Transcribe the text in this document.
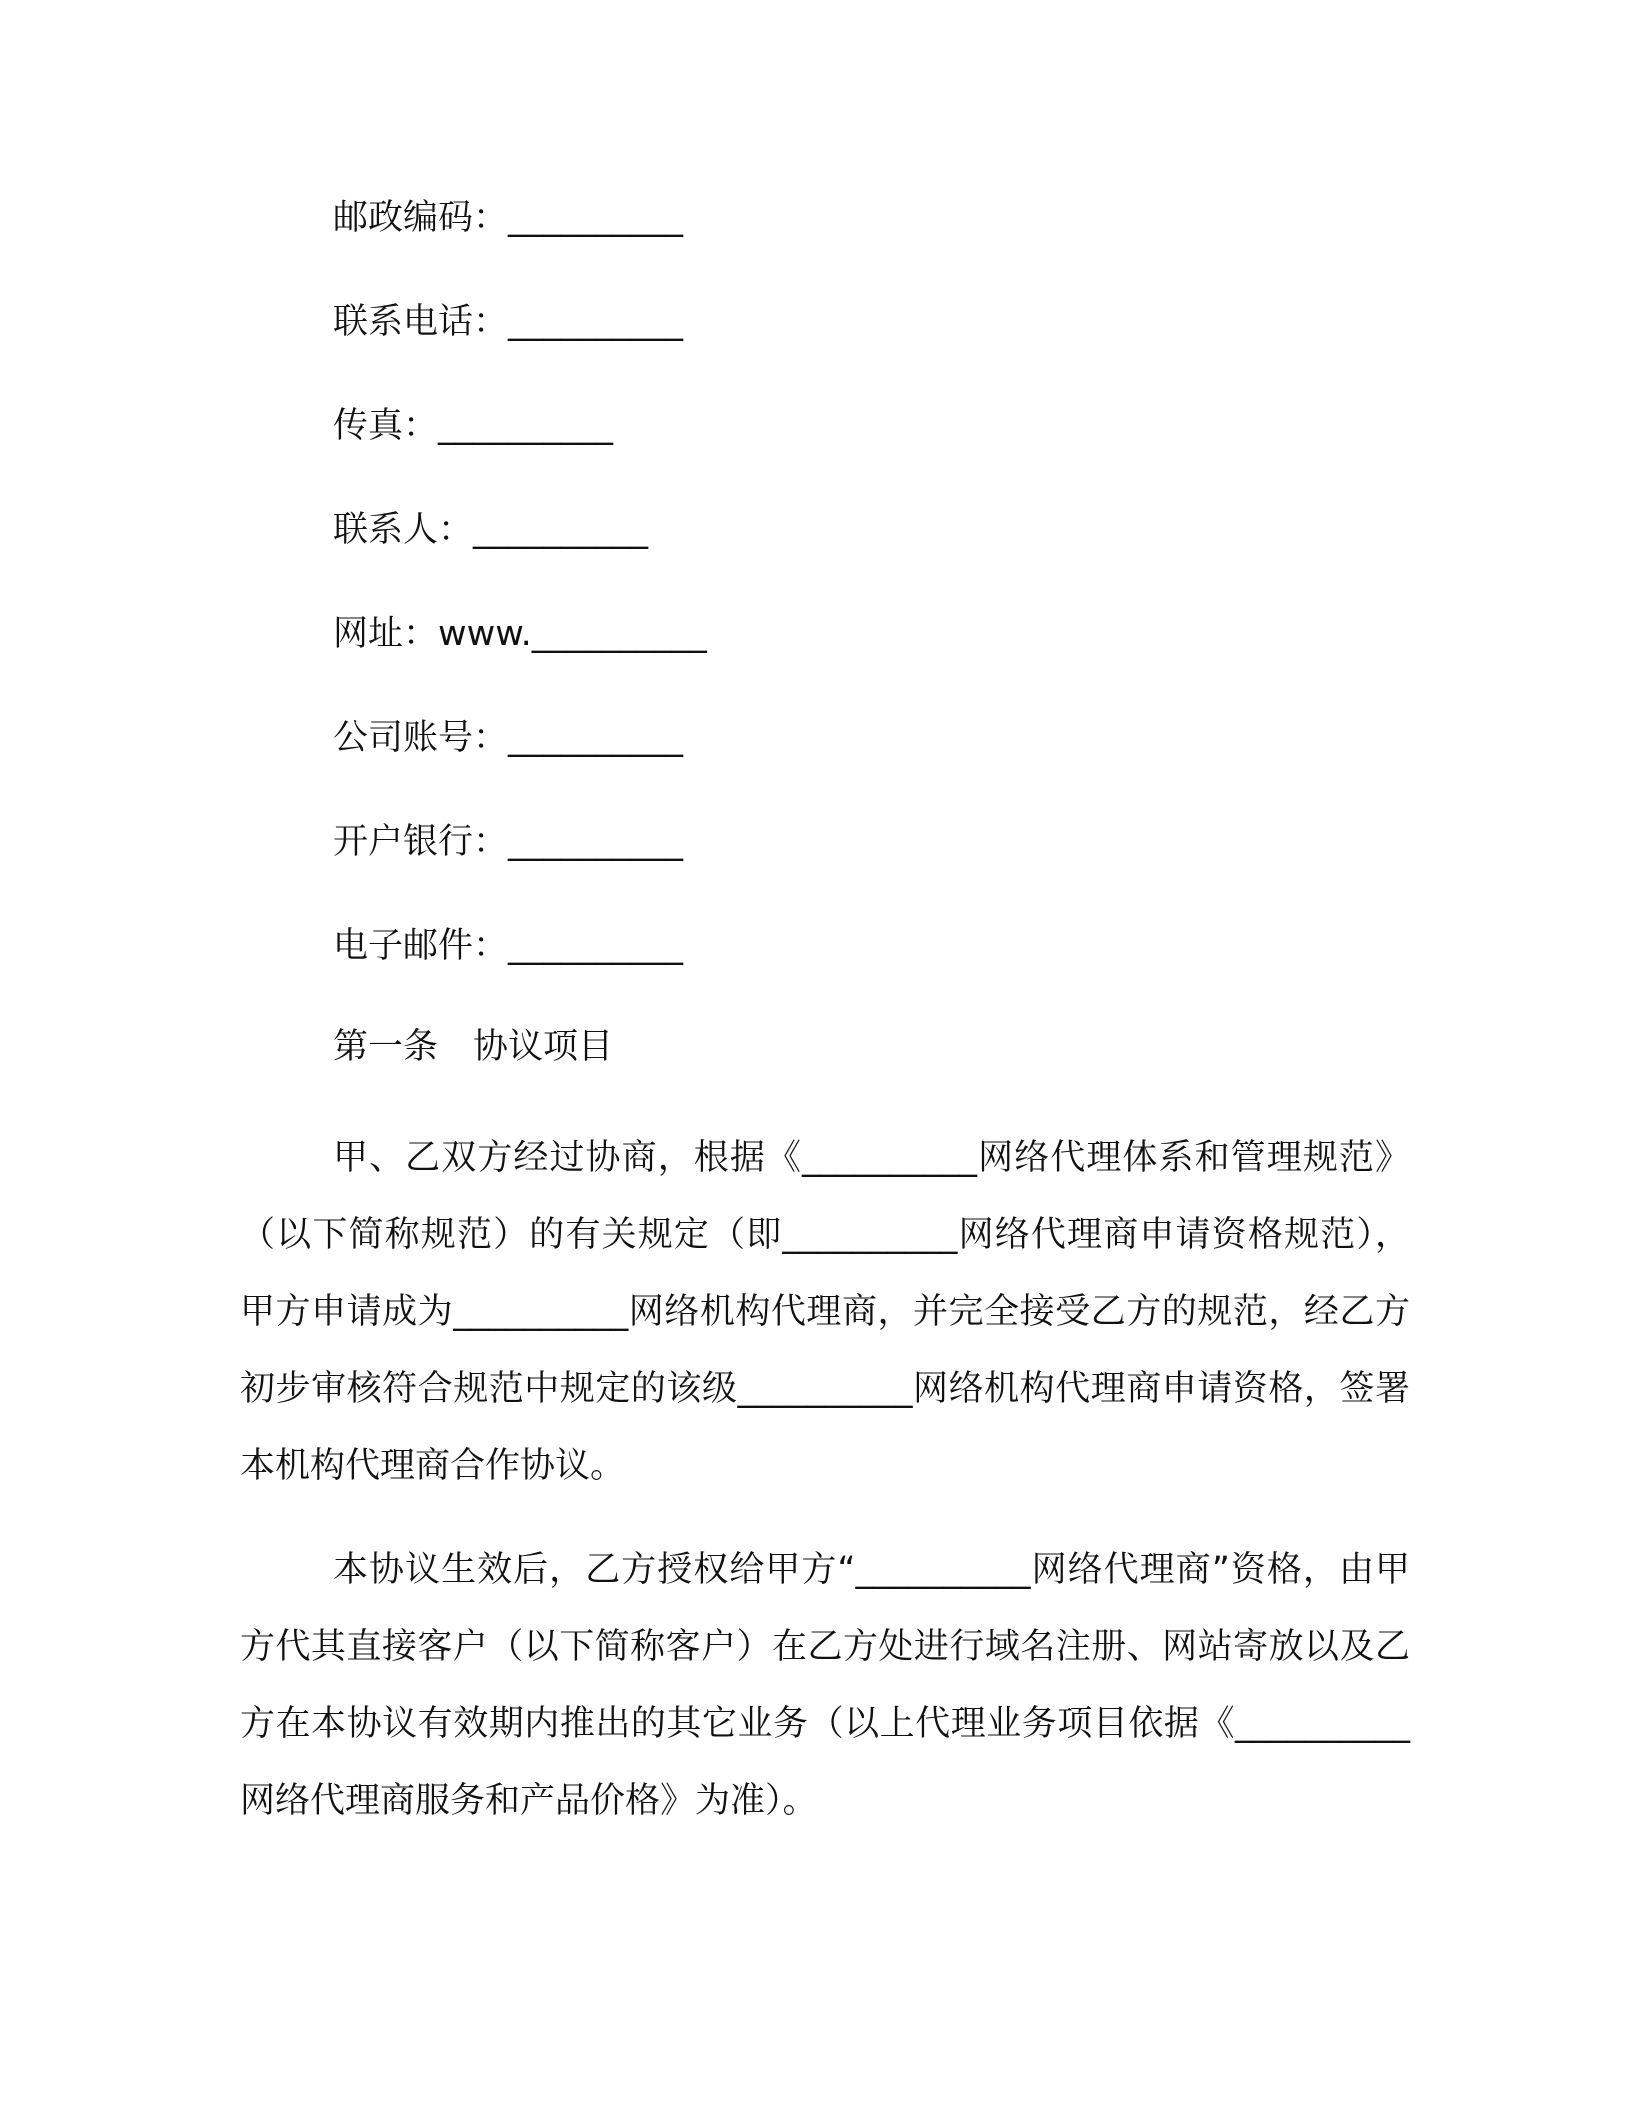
邮政编码：__________
联系电话：__________
传真：__________
联系人：__________
网址：www.__________
公司账号：__________
开户银行：__________
电子邮件：__________
第一条　协议项目

甲、乙双方经过协商，根据《__________网络代理体系和管理规范》（以下简称规范）的有关规定（即__________网络代理商申请资格规范），甲方申请成为__________网络机构代理商，并完全接受乙方的规范，经乙方初步审核符合规范中规定的该级__________网络机构代理商申请资格，签署本机构代理商合作协议。

本协议生效后，乙方授权给甲方“__________网络代理商”资格，由甲方代其直接客户（以下简称客户）在乙方处进行域名注册、网站寄放以及乙方在本协议有效期内推出的其它业务（以上代理业务项目依据《__________网络代理商服务和产品价格》为准）。
